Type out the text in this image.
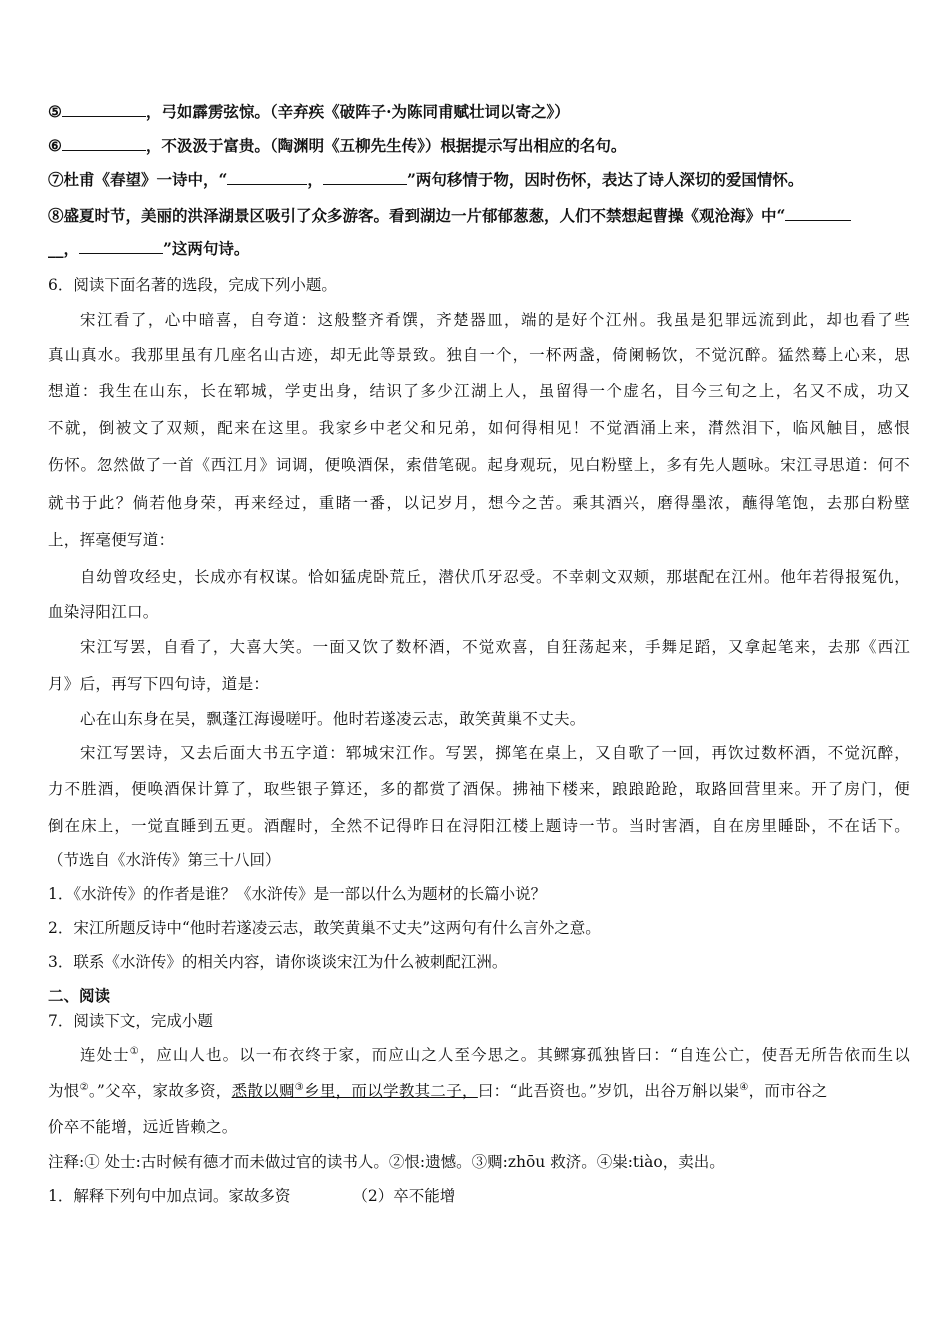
⑤	，弓如霹雳弦惊。（辛弃疾《破阵子·为陈同甫赋壮词以寄之》）
⑥	，不汲汲于富贵。（陶渊明《五柳先生传》）根据提示写出相应的名句。
⑦杜甫《春望》一诗中，“	，	”两句移情于物，因时伤怀，表达了诗人深切的爱国情怀。
⑧盛夏时节，美丽的洪泽湖景区吸引了众多游客。看到湖边一片郁郁葱葱，人们不禁想起曹操《观沧海》中“
__，	”这两句诗。
6．阅读下面名著的选段，完成下列小题。
宋江看了，心中暗喜，自夸道：这般整齐肴馔，齐楚器皿，端的是好个江州。我虽是犯罪远流到此，却也看了些
真山真水。我那里虽有几座名山古迹，却无此等景致。独自一个，一杯两盏，倚阑畅饮，不觉沉醉。猛然蓦上心来，思
想道：我生在山东，长在郓城，学吏出身，结识了多少江湖上人，虽留得一个虚名，目今三旬之上，名又不成，功又
不就，倒被文了双颊，配来在这里。我家乡中老父和兄弟，如何得相见！不觉酒涌上来，潸然泪下，临风触目，感恨
伤怀。忽然做了一首《西江月》词调，便唤酒保，索借笔砚。起身观玩，见白粉壁上，多有先人题咏。宋江寻思道：何不
就书于此？倘若他身荣，再来经过，重睹一番，以记岁月，想今之苦。乘其酒兴，磨得墨浓，蘸得笔饱，去那白粉壁
上，挥毫便写道：
自幼曾攻经史，长成亦有权谋。恰如猛虎卧荒丘，潜伏爪牙忍受。不幸刺文双颊，那堪配在江州。他年若得报冤仇，
血染浔阳江口。
宋江写罢，自看了，大喜大笑。一面又饮了数杯酒，不觉欢喜，自狂荡起来，手舞足蹈，又拿起笔来，去那《西江
月》后，再写下四句诗，道是：
心在山东身在吴，飘蓬江海谩嗟吁。他时若遂凌云志，敢笑黄巢不丈夫。
宋江写罢诗，又去后面大书五字道：郓城宋江作。写罢，掷笔在桌上，又自歌了一回，再饮过数杯酒，不觉沉醉，
力不胜酒，便唤酒保计算了，取些银子算还，多的都赏了酒保。拂袖下楼来，踉踉跄跄，取路回营里来。开了房门，便
倒在床上，一觉直睡到五更。酒醒时，全然不记得昨日在浔阳江楼上题诗一节。当时害酒，自在房里睡卧，不在话下。
（节选自《水浒传》第三十八回）
1．《水浒传》的作者是谁？《水浒传》是一部以什么为题材的长篇小说？
2．宋江所题反诗中“他时若遂凌云志，敢笑黄巢不丈夫”这两句有什么言外之意。
3．联系《水浒传》的相关内容，请你谈谈宋江为什么被刺配江洲。
二、阅读
7．阅读下文，完成小题
连处士①，应山人也。以一布衣终于家，而应山之人至今思之。其鳏寡孤独皆曰：“自连公亡，使吾无所告依而生以
为恨②。”父卒，家故多资，悉散以赒③乡里，而以学教其二子，曰：“此吾资也。”岁饥，出谷万斛以粜④，而市谷之
价卒不能增，远近皆赖之。
注释:① 处士:古时候有德才而未做过官的读书人。②恨:遗憾。③赒:zhōu 救济。④粜:tiào，卖出。
1．解释下列句中加点词。家故多资	（2）卒不能增
